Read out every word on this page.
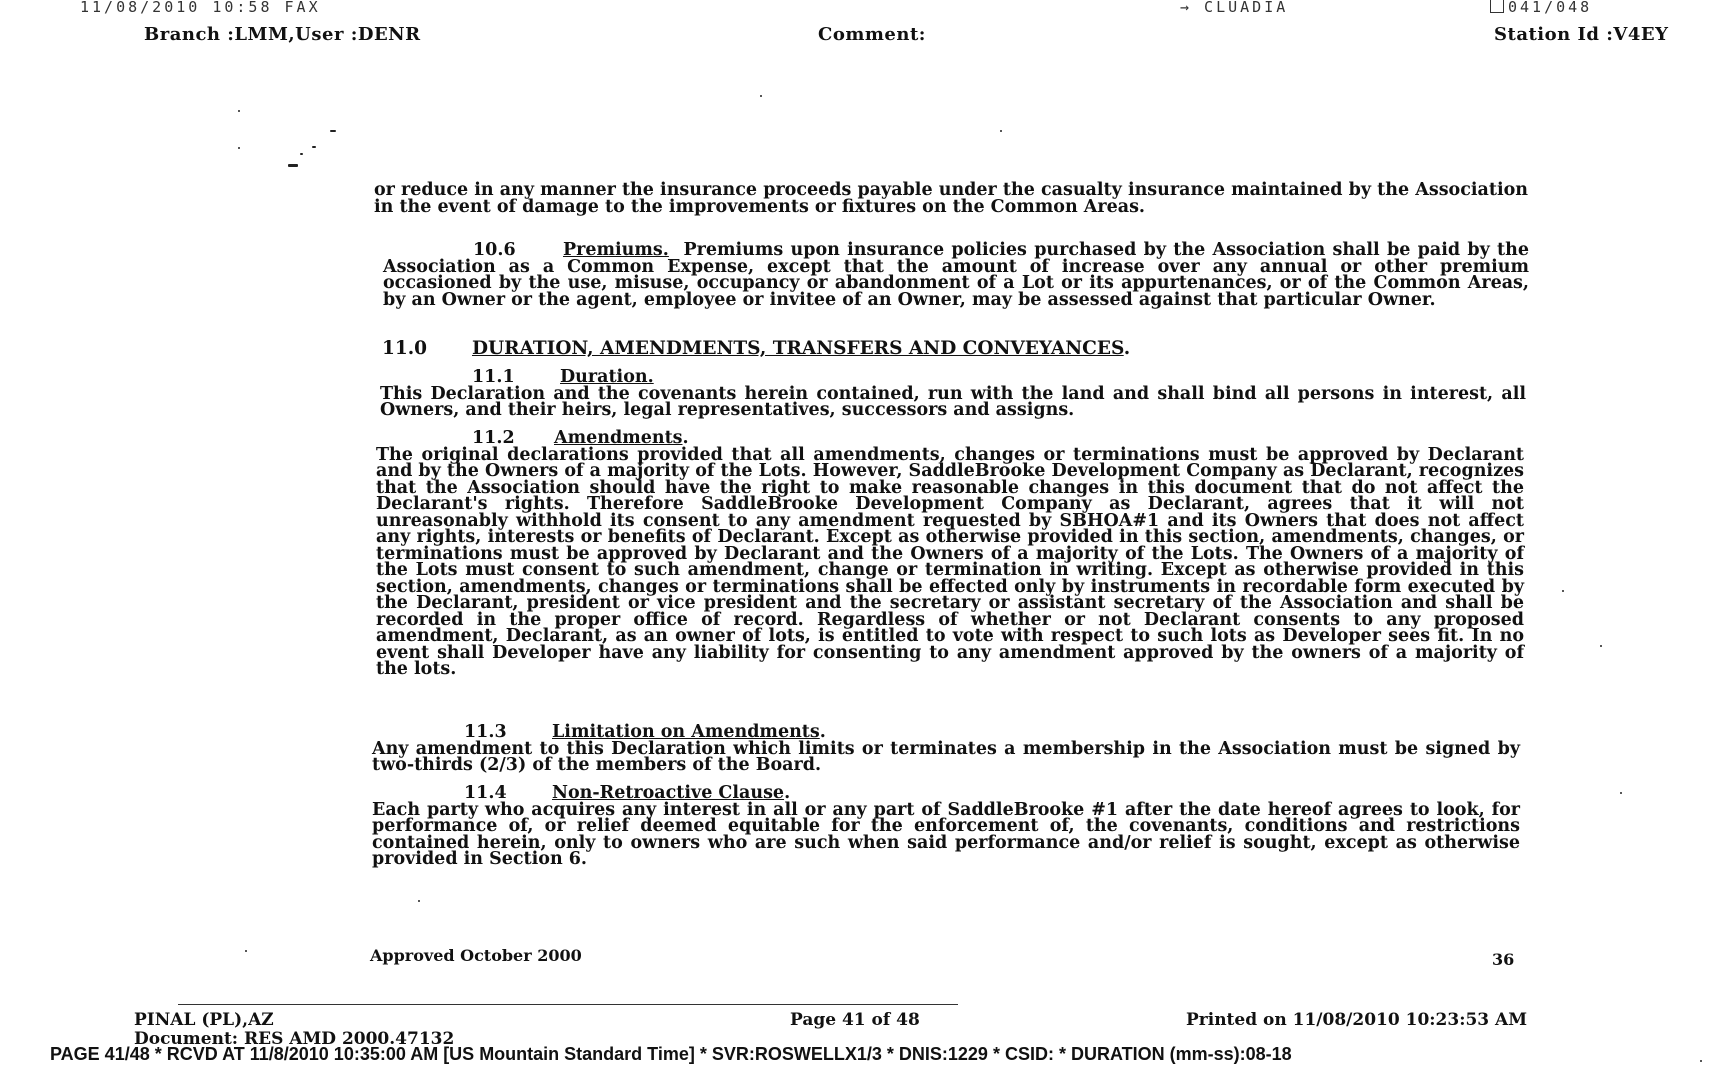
11/08/2010 10:58 FAX	→ CLUADIA	041/048
Branch :LMM,User :DENR	Comment:	Station Id :V4EY

or reduce in any manner the insurance proceeds payable under the casualty insurance maintained by the Association in the event of damage to the improvements or fixtures on the Common Areas.

10.6	Premiums. Premiums upon insurance policies purchased by the Association shall be paid by the Association as a Common Expense, except that the amount of increase over any annual or other premium occasioned by the use, misuse, occupancy or abandonment of a Lot or its appurtenances, or of the Common Areas, by an Owner or the agent, employee or invitee of an Owner, may be assessed against that particular Owner.

11.0 DURATION, AMENDMENTS, TRANSFERS AND CONVEYANCES.

11.1	Duration.

This Declaration and the covenants herein contained, run with the land and shall bind all persons in interest, all Owners, and their heirs, legal representatives, successors and assigns.

11.2 Amendments.

The original declarations provided that all amendments, changes or terminations must be approved by Declarant and by the Owners of a majority of the Lots. However, SaddleBrooke Development Company as Declarant, recognizes that the Association should have the right to make reasonable changes in this document that do not affect the Declarant's rights. Therefore SaddleBrooke Development Company as Declarant, agrees that it will not unreasonably withhold its consent to any amendment requested by SBHOA#1 and its Owners that does not affect any rights, interests or benefits of Declarant. Except as otherwise provided in this section, amendments, changes, or terminations must be approved by Declarant and the Owners of a majority of the Lots. The Owners of a majority of the Lots must consent to such amendment, change or termination in writing. Except as otherwise provided in this section, amendments, changes or terminations shall be effected only by instruments in recordable form executed by the Declarant, president or vice president and the secretary or assistant secretary of the Association and shall be recorded in the proper office of record. Regardless of whether or not Declarant consents to any proposed amendment, Declarant, as an owner of lots, is entitled to vote with respect to such lots as Developer sees fit. In no event shall Developer have any liability for consenting to any amendment approved by the owners of a majority of the lots.

11.3	Limitation on Amendments.

Any amendment to this Declaration which limits or terminates a membership in the Association must be signed by two-thirds (2/3) of the members of the Board.

11.4	Non-Retroactive Clause.

Each party who acquires any interest in all or any part of SaddleBrooke #1 after the date hereof agrees to look, for performance of, or relief deemed equitable for the enforcement of, the covenants, conditions and restrictions contained herein, only to owners who are such when said performance and/or relief is sought, except as otherwise provided in Section 6.

Approved October 2000	36
PINAL (PL),AZ
Document: RES AMD 2000.47132
Page 41 of 48	Printed on 11/08/2010 10:23:53 AM
PAGE 41/48 * RCVD AT 11/8/2010 10:35:00 AM [US Mountain Standard Time] * SVR:ROSWELLX1/3 * DNIS:1229 * CSID: * DURATION (mm-ss):08-18
